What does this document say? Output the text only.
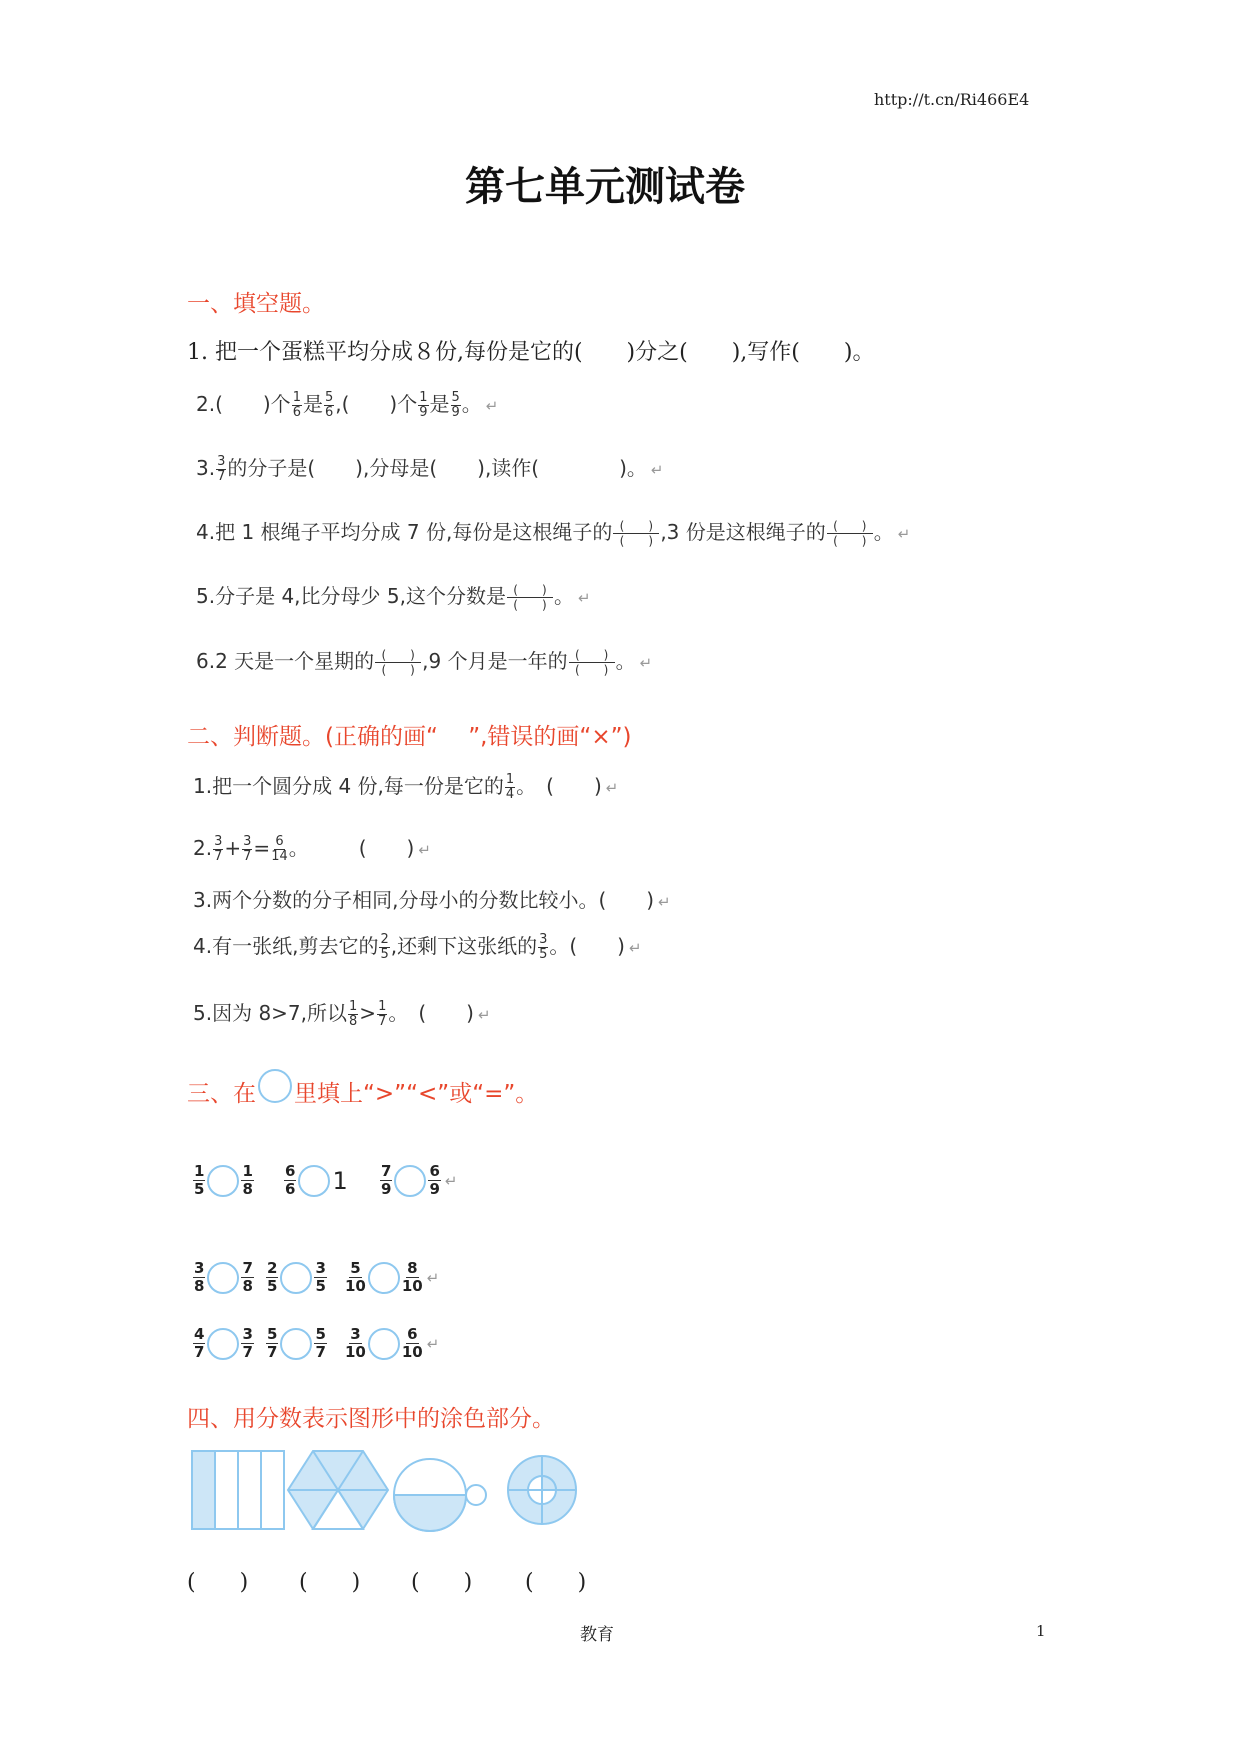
http://t.cn/Ri466E4
第七单元测试卷
一、填空题。
1. 把一个蛋糕平均分成８份,每份是它的(　　)分之(　　),写作(　　)。
2.(　　)个 $\frac{1}{6}$ 是 $\frac{5}{6}$ ,(　　)个 $\frac{1}{9}$ 是 $\frac{5}{9}$ 。 ↵
3. $\frac{3}{7}$ 的分子是(　　),分母是(　　),读作(　　　　)。 ↵
4.把 1 根绳子平均分成 7 份,每份是这根绳子的 $\frac{( )}{( )} ,3$ 份是这根绳子的 $\frac{( )}{( )}$ 。 ↵
5.分子是 4,比分母少 5,这个分数是 $\frac{( )}{( )}$ 。 ↵
6.2 天是一个星期的 $\frac{( )}{( )} ,9$ 个月是一年的 $\frac{( )}{( )}$ 。 ↵
二、判断题。(正确的画“　 ”,错误的画“×”)
1.把一个圆分成 4 份,每一份是它的 $\frac{1}{4}$ 。　(　　) ↵
2. $\frac{3}{7} + \frac{3}{7} = \frac{6}{14}$ 。　　　(　　) ↵
3.两个分数的分子相同,分母小的分数比较小。(　　) ↵
4.有一张纸,剪去它的 $\frac{2}{5}$ ,还剩下这张纸的 $\frac{3}{5}$ 。(　　) ↵
5.因为 8>7,所以 $\frac{1}{8} > \frac{1}{7}$ 。　(　　) ↵
三、在 里填上“>”“<”或“=”。
1
5
1
8
6
6 1 7
9
6
9 ↵
3
8
7
8
2
5
3
5
5
10
8
10 ↵
4
7
3
7
5
7
5
7
3
10
6
10 ↵
四、用分数表示图形中的涂色部分。
(　　) (　　) (　　) (　　)
教育	1
